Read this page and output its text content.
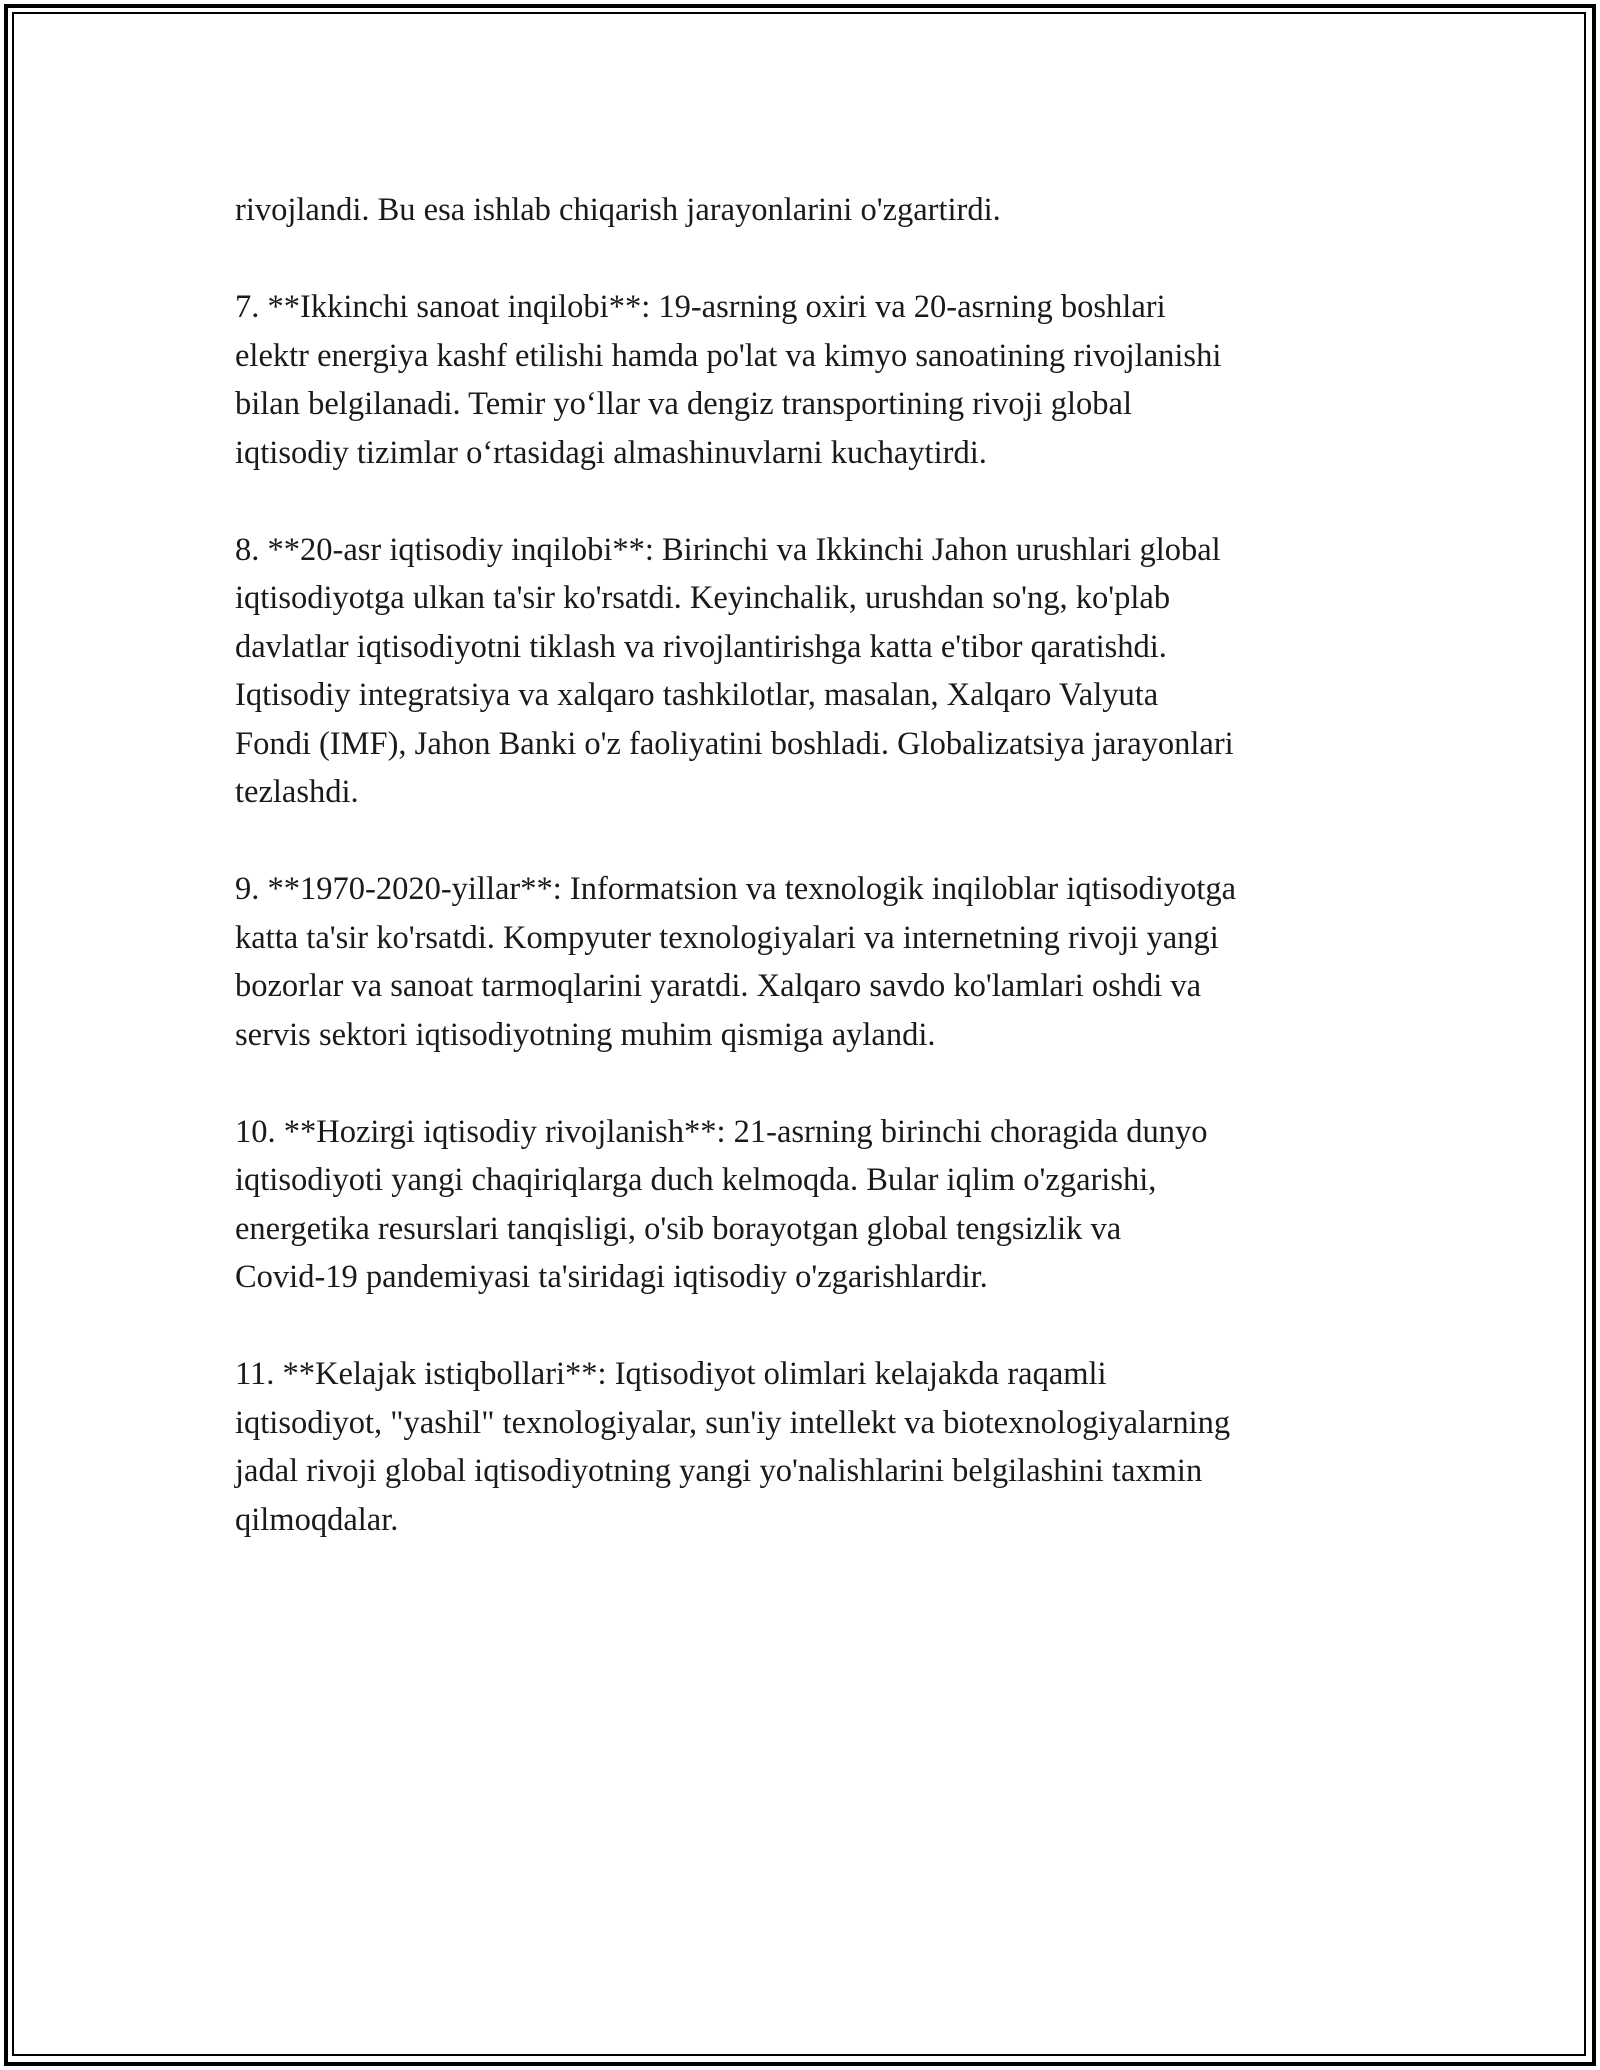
rivojlandi. Bu esa ishlab chiqarish jarayonlarini o'zgartirdi.

7. **Ikkinchi sanoat inqilobi**: 19-asrning oxiri va 20-asrning boshlari
elektr energiya kashf etilishi hamda po'lat va kimyo sanoatining rivojlanishi
bilan belgilanadi. Temir yo‘llar va dengiz transportining rivoji global
iqtisodiy tizimlar o‘rtasidagi almashinuvlarni kuchaytirdi.

8. **20-asr iqtisodiy inqilobi**: Birinchi va Ikkinchi Jahon urushlari global
iqtisodiyotga ulkan ta'sir ko'rsatdi. Keyinchalik, urushdan so'ng, ko'plab
davlatlar iqtisodiyotni tiklash va rivojlantirishga katta e'tibor qaratishdi.
Iqtisodiy integratsiya va xalqaro tashkilotlar, masalan, Xalqaro Valyuta
Fondi (IMF), Jahon Banki o'z faoliyatini boshladi. Globalizatsiya jarayonlari
tezlashdi.

9. **1970-2020-yillar**: Informatsion va texnologik inqiloblar iqtisodiyotga
katta ta'sir ko'rsatdi. Kompyuter texnologiyalari va internetning rivoji yangi
bozorlar va sanoat tarmoqlarini yaratdi. Xalqaro savdo ko'lamlari oshdi va
servis sektori iqtisodiyotning muhim qismiga aylandi.

10. **Hozirgi iqtisodiy rivojlanish**: 21-asrning birinchi choragida dunyo
iqtisodiyoti yangi chaqiriqlarga duch kelmoqda. Bular iqlim o'zgarishi,
energetika resurslari tanqisligi, o'sib borayotgan global tengsizlik va
Covid-19 pandemiyasi ta'siridagi iqtisodiy o'zgarishlardir.

11. **Kelajak istiqbollari**: Iqtisodiyot olimlari kelajakda raqamli
iqtisodiyot, "yashil" texnologiyalar, sun'iy intellekt va biotexnologiyalarning
jadal rivoji global iqtisodiyotning yangi yo'nalishlarini belgilashini taxmin
qilmoqdalar.
